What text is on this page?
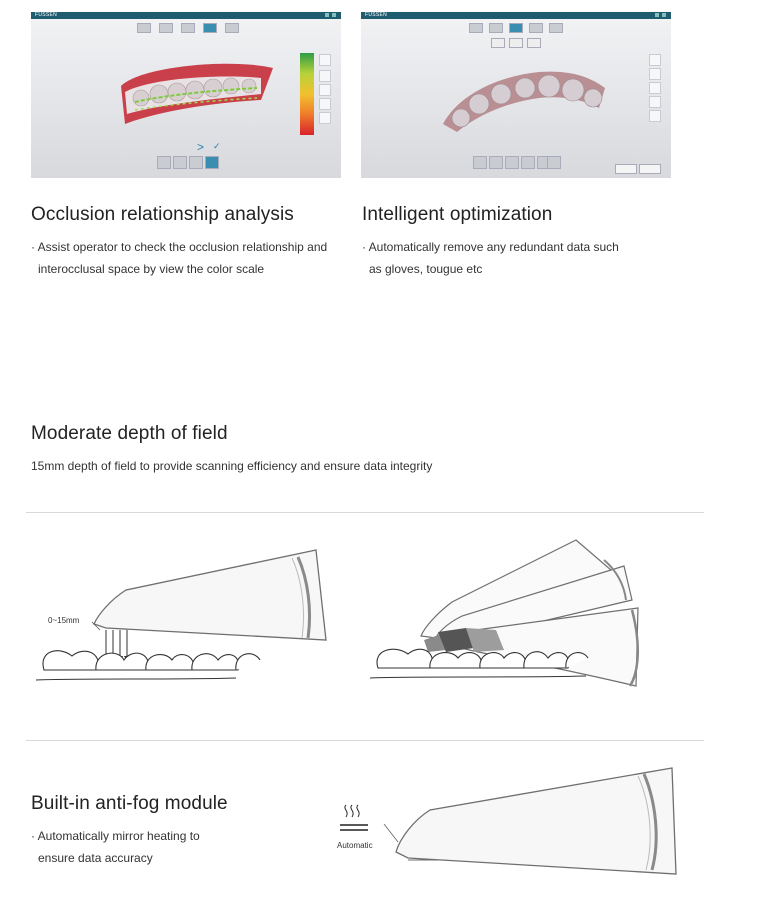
FUSSEN
> ✓
FUSSEN
Occlusion relationship analysis
· Assist operator to check the occlusion relationship and
interocclusal space by view the color scale
Intelligent optimization
· Automatically remove any redundant data such
as gloves, tougue etc
Moderate depth of field
15mm depth of field to provide scanning efficiency and ensure data integrity
0~15mm
Built-in anti-fog module
· Automatically mirror heating to
ensure data accuracy
Automatic
